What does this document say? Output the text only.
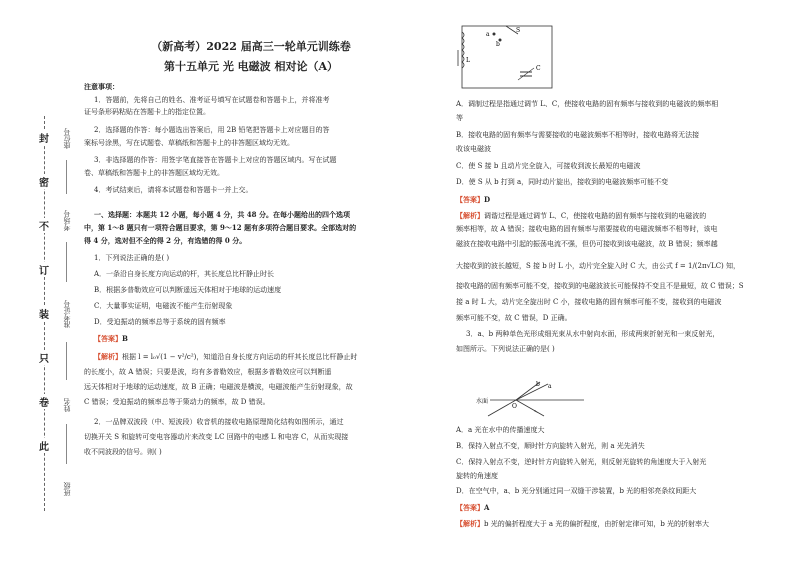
封
密
不
订
装
只
卷
此
座位号
考场号
准考证号
姓名
班级
（新高考）2022 届高三一轮单元训练卷
第十五单元 光 电磁波 相对论（A）
注意事项：
1．答题前，先将自己的姓名、准考证号填写在试题卷和答题卡上，并将准考
证号条形码粘贴在答题卡上的指定位置。
2．选择题的作答：每小题选出答案后，用 2B 铅笔把答题卡上对应题目的答
案标号涂黑，写在试题卷、草稿纸和答题卡上的非答题区域均无效。
3．非选择题的作答：用签字笔直接答在答题卡上对应的答题区域内。写在试题
卷、草稿纸和答题卡上的非答题区域均无效。
4．考试结束后，请将本试题卷和答题卡一并上交。
一、选择题：本题共 12 小题，每小题 4 分，共 48 分。在每小题给出的四个选项
中，第 1～8 题只有一项符合题目要求，第 9～12 题有多项符合题目要求。全部选对的
得 4 分，选对但不全的得 2 分，有选错的得 0 分。
1．下列说法正确的是( )
A．一条沿自身长度方向运动的杆，其长度总比杆静止时长
B．根据多普勒效应可以判断遥远天体相对于地球的运动速度
C．大量事实证明，电磁波不能产生衍射现象
D．受迫振动的频率总等于系统的固有频率
【答案】B
【解析】根据 l = l₀√(1 − v²/c²)，知道沿自身长度方向运动的杆其长度总比杆静止时
的长度小，故 A 错误；只要是波，均有多普勒效应，根据多普勒效应可以判断遥
远天体相对于地球的运动速度，故 B 正确；电磁波是横波，电磁波能产生衍射现象，故
C 错误；受迫振动的频率总等于策动力的频率，故 D 错误。
2．一品牌双波段（中、短波段）收音机的接收电路原理简化结构如图所示，通过
切换开关 S 和旋转可变电容器动片来改变 LC 回路中的电感 L 和电容 C，从而实现接
收不同波段的信号。则( )
a
b
S
L
C
A．调制过程是指通过调节 L、C，使接收电路的固有频率与接收到的电磁波的频率相
等
B．接收电路的固有频率与需要接收的电磁波频率不相等时，接收电路将无法接
收该电磁波
C．使 S 接 b 且动片完全旋入，可接收到波长最短的电磁波
D．使 S 从 b 打到 a，同时动片旋出，接收到的电磁波频率可能不变
【答案】D
【解析】调谐过程是通过调节 L、C，使接收电路的固有频率与接收到的电磁波的
频率相等，故 A 错误；接收电路的固有频率与需要接收的电磁波频率不相等时，该电
磁波在接收电路中引起的振荡电流不强，但仍可接收到该电磁波，故 B 错误；频率越
大接收到的波长越短，S 接 b 时 L 小，动片完全旋入时 C 大，由公式 f = 1/(2π√LC) 知，
接收电路的固有频率可能不变，接收到的电磁波波长可能保持不变且不是最短，故 C 错误；S
接 a 时 L 大，动片完全旋出时 C 小，接收电路的固有频率可能不变，接收到的电磁波
频率可能不变，故 C 错误，D 正确。
3．a、b 两种单色光形成细光束从水中射向水面，形成两束折射光和一束反射光，
如图所示。下列说法正确的是( )
水面
O
a
b
A．a 光在水中的传播速度大
B．保持入射点不变，顺时针方向旋转入射光，则 a 光先消失
C．保持入射点不变，逆时针方向旋转入射光，则反射光旋转的角速度大于入射光
旋转的角速度
D．在空气中，a、b 光分别通过同一双缝干涉装置，b 光的相邻亮条纹间距大
【答案】A
【解析】b 光的偏折程度大于 a 光的偏折程度，由折射定律可知，b 光的折射率大
